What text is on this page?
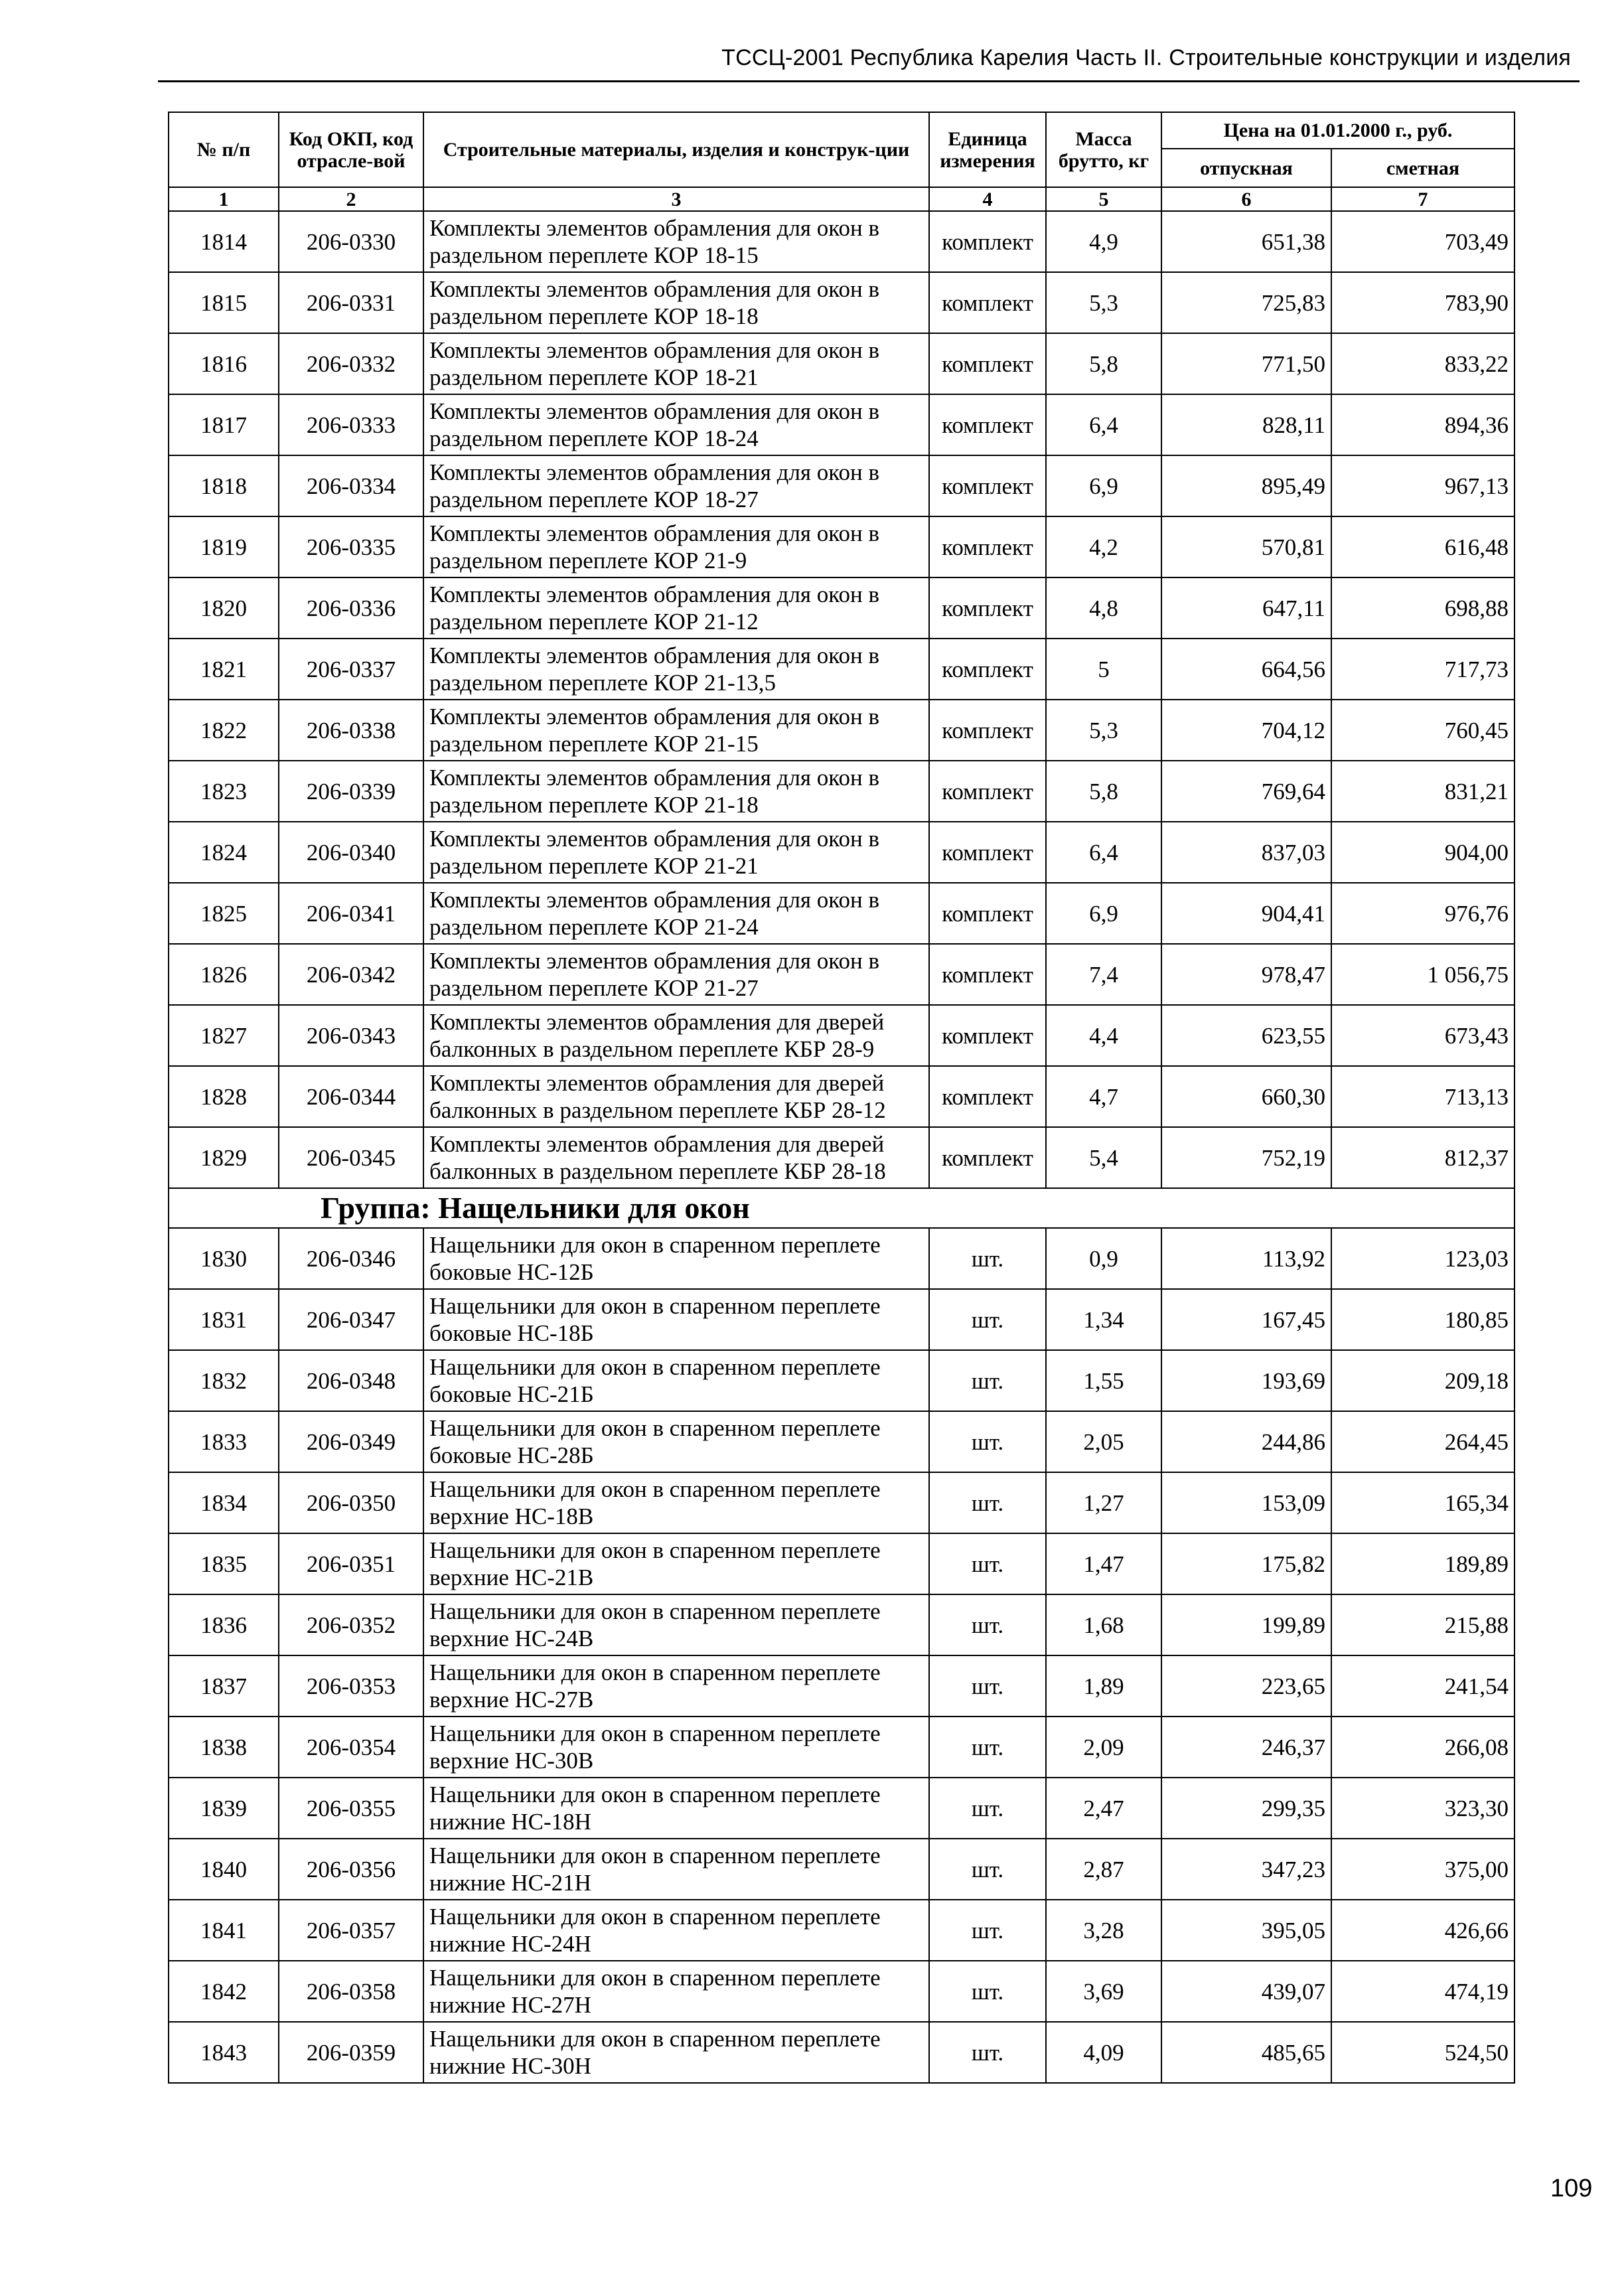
ТССЦ-2001 Республика Карелия Часть II. Строительные конструкции и изделия
№ п/п	Код ОКП, код отрасле-вой	Строительные материалы, изделия и конструк-ции	Единица измерения	Масса брутто, кг	Цена на 01.01.2000 г., руб.	
					отпускная	сметная
1	2	3	4	5	6	7
1814	206-0330	Комплекты элементов обрамления для окон в раздельном переплете КОР 18-15	комплект	4,9	651,38	703,49
1815	206-0331	Комплекты элементов обрамления для окон в раздельном переплете КОР 18-18	комплект	5,3	725,83	783,90
1816	206-0332	Комплекты элементов обрамления для окон в раздельном переплете КОР 18-21	комплект	5,8	771,50	833,22
1817	206-0333	Комплекты элементов обрамления для окон в раздельном переплете КОР 18-24	комплект	6,4	828,11	894,36
1818	206-0334	Комплекты элементов обрамления для окон в раздельном переплете КОР 18-27	комплект	6,9	895,49	967,13
1819	206-0335	Комплекты элементов обрамления для окон в раздельном переплете КОР 21-9	комплект	4,2	570,81	616,48
1820	206-0336	Комплекты элементов обрамления для окон в раздельном переплете КОР 21-12	комплект	4,8	647,11	698,88
1821	206-0337	Комплекты элементов обрамления для окон в раздельном переплете КОР 21-13,5	комплект	5	664,56	717,73
1822	206-0338	Комплекты элементов обрамления для окон в раздельном переплете КОР 21-15	комплект	5,3	704,12	760,45
1823	206-0339	Комплекты элементов обрамления для окон в раздельном переплете КОР 21-18	комплект	5,8	769,64	831,21
1824	206-0340	Комплекты элементов обрамления для окон в раздельном переплете КОР 21-21	комплект	6,4	837,03	904,00
1825	206-0341	Комплекты элементов обрамления для окон в раздельном переплете КОР 21-24	комплект	6,9	904,41	976,76
1826	206-0342	Комплекты элементов обрамления для окон в раздельном переплете КОР 21-27	комплект	7,4	978,47	1 056,75
1827	206-0343	Комплекты элементов обрамления для дверей балконных в раздельном переплете КБР 28-9	комплект	4,4	623,55	673,43
1828	206-0344	Комплекты элементов обрамления для дверей балконных в раздельном переплете КБР 28-12	комплект	4,7	660,30	713,13
1829	206-0345	Комплекты элементов обрамления для дверей балконных в раздельном переплете КБР 28-18	комплект	5,4	752,19	812,37
Группа: Нащельники для окон						
1830	206-0346	Нащельники для окон в спаренном переплете боковые НС-12Б	шт.	0,9	113,92	123,03
1831	206-0347	Нащельники для окон в спаренном переплете боковые НС-18Б	шт.	1,34	167,45	180,85
1832	206-0348	Нащельники для окон в спаренном переплете боковые НС-21Б	шт.	1,55	193,69	209,18
1833	206-0349	Нащельники для окон в спаренном переплете боковые НС-28Б	шт.	2,05	244,86	264,45
1834	206-0350	Нащельники для окон в спаренном переплете верхние НС-18В	шт.	1,27	153,09	165,34
1835	206-0351	Нащельники для окон в спаренном переплете верхние НС-21В	шт.	1,47	175,82	189,89
1836	206-0352	Нащельники для окон в спаренном переплете верхние НС-24В	шт.	1,68	199,89	215,88
1837	206-0353	Нащельники для окон в спаренном переплете верхние НС-27В	шт.	1,89	223,65	241,54
1838	206-0354	Нащельники для окон в спаренном переплете верхние НС-30В	шт.	2,09	246,37	266,08
1839	206-0355	Нащельники для окон в спаренном переплете нижние НС-18Н	шт.	2,47	299,35	323,30
1840	206-0356	Нащельники для окон в спаренном переплете нижние НС-21Н	шт.	2,87	347,23	375,00
1841	206-0357	Нащельники для окон в спаренном переплете нижние НС-24Н	шт.	3,28	395,05	426,66
1842	206-0358	Нащельники для окон в спаренном переплете нижние НС-27Н	шт.	3,69	439,07	474,19
1843	206-0359	Нащельники для окон в спаренном переплете нижние НС-30Н	шт.	4,09	485,65	524,50
109
